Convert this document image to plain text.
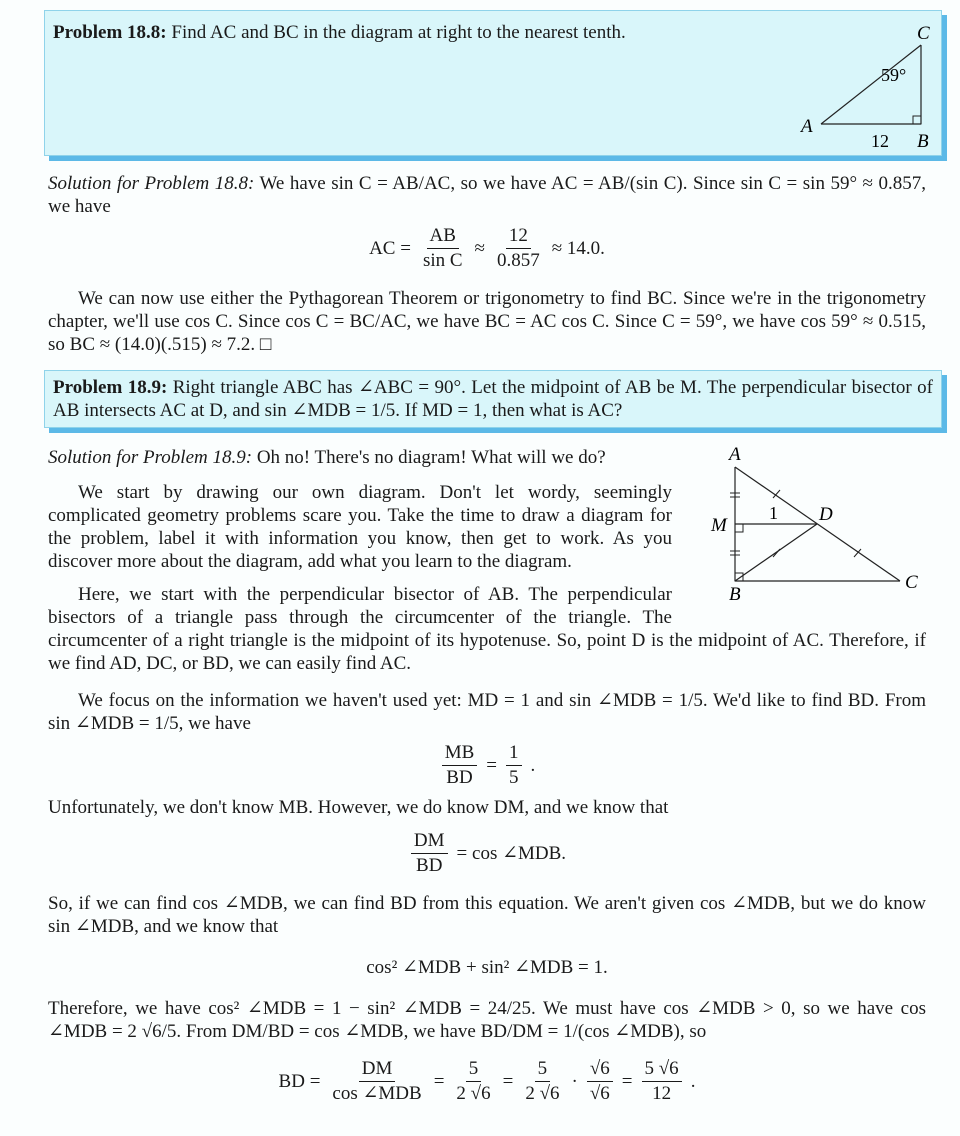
Problem 18.8: Find AC and BC in the diagram at right to the nearest tenth.	C
59°
A
12 B

Solution for Problem 18.8: We have sin C = AB/AC, so we have AC = AB/(sin C). Since sin C = sin 59° ≈ 0.857, we have

AC = $\frac{AB}{\text{sin C}} \approx \frac{12}{0.857} \approx 14.0$.

We can now use either the Pythagorean Theorem or trigonometry to find BC. Since we're in the trigonometry chapter, we'll use cos C. Since cos C = BC/AC, we have BC = AC cos C. Since C = 59°, we have cos 59° ≈ 0.515, so BC ≈ (14.0)(.515) ≈ 7.2. □

Problem 18.9: Right triangle ABC has ∠ABC = 90°. Let the midpoint of AB be M. The perpendicular bisector of AB intersects AC at D, and sin ∠MDB = 1/5. If MD = 1, then what is AC?
A
M
1 D
C
B

Solution for Problem 18.9: Oh no! There's no diagram! What will we do?

We start by drawing our own diagram. Don't let wordy, seemingly complicated geometry problems scare you. Take the time to draw a diagram for the problem, label it with information you know, then get to work. As you discover more about the diagram, add what you learn to the diagram.

Here, we start with the perpendicular bisector of AB. The perpendicular bisectors of a triangle pass through the circumcenter of the triangle. The circumcenter of a right triangle is the midpoint of its hypotenuse. So, point D is the midpoint of AC. Therefore, if we find AD, DC, or BD, we can easily find AC.

We focus on the information we haven't used yet: MD = 1 and sin ∠MDB = 1/5. We'd like to find BD. From sin ∠MDB = 1/5, we have

$\frac{MB}{BD} = \frac{1}{5}$ .

Unfortunately, we don't know MB. However, we do know DM, and we know that

$\frac{DM}{BD} = \cos$ ∠MDB.

So, if we can find cos ∠MDB, we can find BD from this equation. We aren't given cos ∠MDB, but we do know sin ∠MDB, and we know that

cos² ∠MDB + sin² ∠MDB = 1.

Therefore, we have cos² ∠MDB = 1 − sin² ∠MDB = 24/25. We must have cos ∠MDB > 0, so we have cos ∠MDB = 2 √6/5. From DM/BD = cos ∠MDB, we have BD/DM = 1/(cos ∠MDB), so

BD = $\frac{DM}{\text{cos ∠MDB}} = \frac{5}{2 √6} = \frac{5}{2 √6} \cdot \frac{√6}{√6} = \frac{5 √6}{12}$ .
